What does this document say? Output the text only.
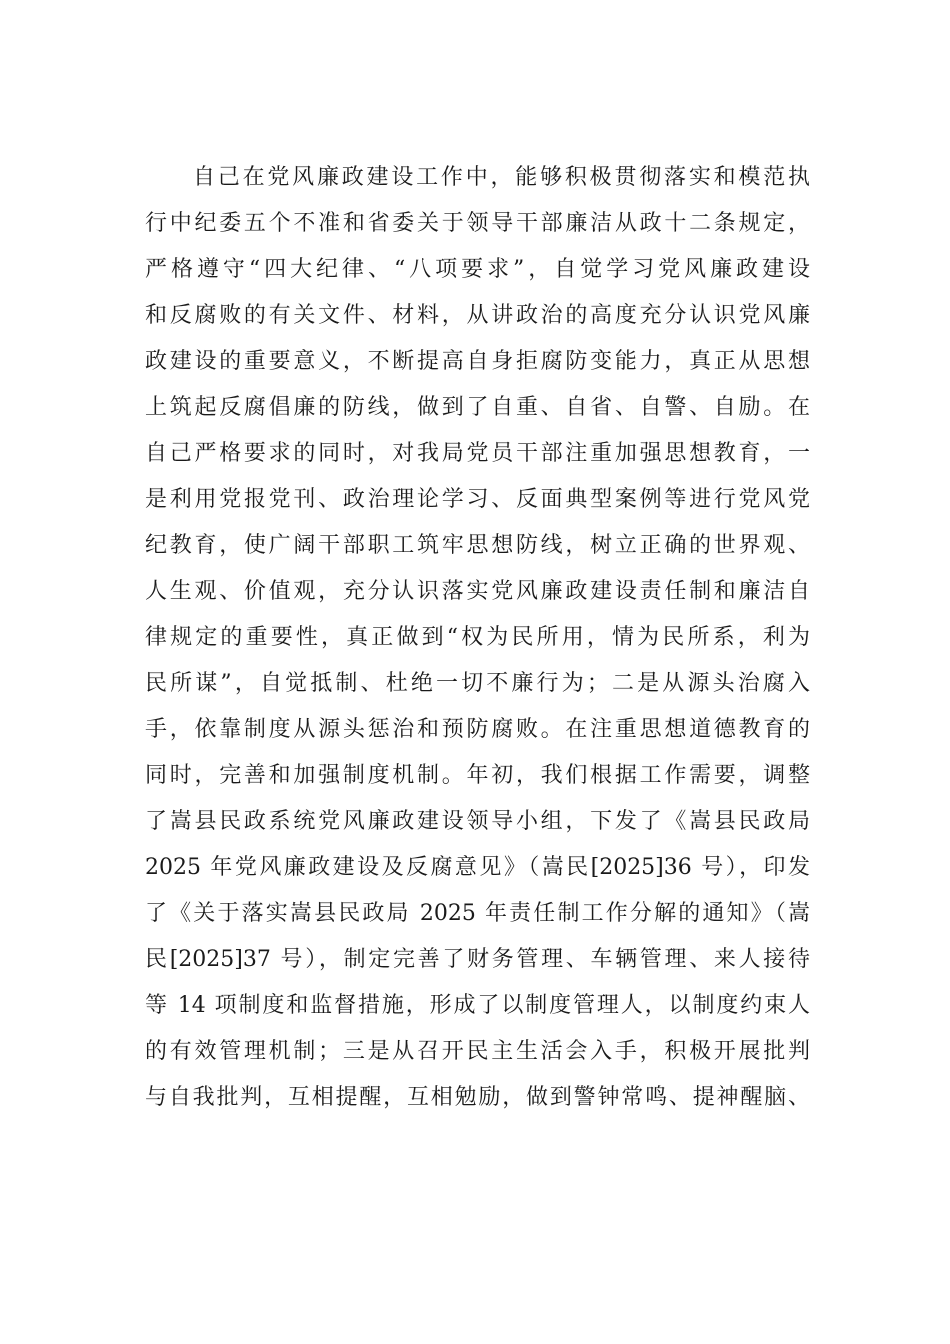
自己在党风廉政建设工作中，能够积极贯彻落实和模范执
行中纪委五个不准和省委关于领导干部廉洁从政十二条规定，
严格遵守“四大纪律、“八项要求”，自觉学习党风廉政建设
和反腐败的有关文件、材料，从讲政治的高度充分认识党风廉
政建设的重要意义，不断提高自身拒腐防变能力，真正从思想
上筑起反腐倡廉的防线，做到了自重、自省、自警、自励。在
自己严格要求的同时，对我局党员干部注重加强思想教育，一
是利用党报党刊、政治理论学习、反面典型案例等进行党风党
纪教育，使广阔干部职工筑牢思想防线，树立正确的世界观、
人生观、价值观，充分认识落实党风廉政建设责任制和廉洁自
律规定的重要性，真正做到“权为民所用，情为民所系，利为
民所谋”，自觉抵制、杜绝一切不廉行为；二是从源头治腐入
手，依靠制度从源头惩治和预防腐败。在注重思想道德教育的
同时，完善和加强制度机制。年初，我们根据工作需要，调整
了嵩县民政系统党风廉政建设领导小组，下发了《嵩县民政局
2025 年党风廉政建设及反腐意见》（嵩民[2025]36 号），印发
了《关于落实嵩县民政局 2025 年责任制工作分解的通知》（嵩
民[2025]37 号），制定完善了财务管理、车辆管理、来人接待
等 14 项制度和监督措施，形成了以制度管理人，以制度约束人
的有效管理机制；三是从召开民主生活会入手，积极开展批判
与自我批判，互相提醒，互相勉励，做到警钟常鸣、提神醒脑、
